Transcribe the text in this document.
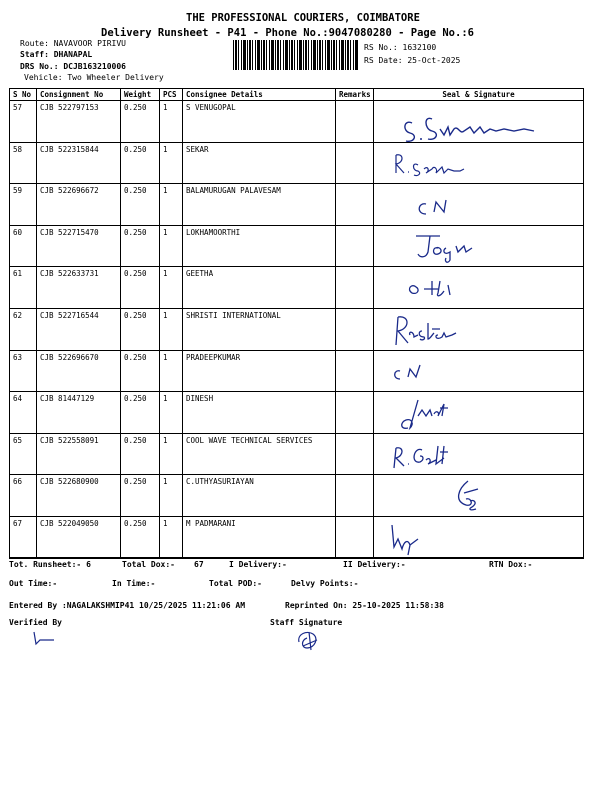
THE PROFESSIONAL COURIERS, COIMBATORE
Delivery Runsheet - P41 - Phone No.:9047080280 - Page No.:6
Route: NAVAVOOR PIRIVU
Staff: DHANAPAL
DRS No.: DCJB163210006
Vehicle: Two Wheeler Delivery
RS No.: 1632100
RS Date: 25-Oct-2025
S No	Consignment No	Weight	PCS	Consignee Details	Remarks	Seal & Signature
57	CJB 522797153	0.250	1	S VENUGOPAL		

58	CJB 522315844	0.250	1	SEKAR		

59	CJB 522696672	0.250	1	BALAMURUGAN PALAVESAM		

60	CJB 522715470	0.250	1	LOKHAMOORTHI		

61	CJB 522633731	0.250	1	GEETHA		

62	CJB 522716544	0.250	1	SHRISTI INTERNATIONAL		

63	CJB 522696670	0.250	1	PRADEEPKUMAR		

64	CJB 81447129	0.250	1	DINESH		

65	CJB 522558091	0.250	1	COOL WAVE TECHNICAL SERVICES		

66	CJB 522680900	0.250	1	C.UTHYASURIAYAN		

67	CJB 522049050	0.250	1	M PADMARANI		
Tot. Runsheet:- 6	Total Dox:- 67	I Delivery:-	II Delivery:-	RTN Dox:-
Out Time:-	In Time:-	Total POD:-	Delvy Points:-
Entered By :NAGALAKSHMIP41 10/25/2025 11:21:06 AM	Reprinted On: 25-10-2025 11:58:38
Verified By	Staff Signature
